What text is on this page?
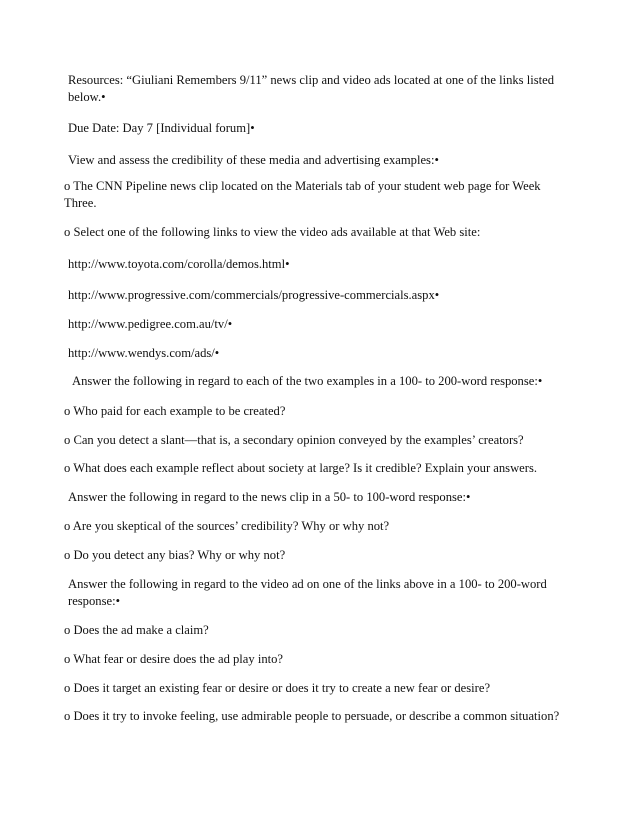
Resources: “Giuliani Remembers 9/11” news clip and video ads located at one of the links listed below.•
Due Date: Day 7 [Individual forum]•
View and assess the credibility of these media and advertising examples:•
o The CNN Pipeline news clip located on the Materials tab of your student web page for Week Three.
o Select one of the following links to view the video ads available at that Web site:
http://www.toyota.com/corolla/demos.html•
http://www.progressive.com/commercials/progressive-commercials.aspx•
http://www.pedigree.com.au/tv/•
http://www.wendys.com/ads/•
Answer the following in regard to each of the two examples in a 100- to 200-word response:•
o Who paid for each example to be created?
o Can you detect a slant—that is, a secondary opinion conveyed by the examples’ creators?
o What does each example reflect about society at large? Is it credible? Explain your answers.
Answer the following in regard to the news clip in a 50- to 100-word response:•
o Are you skeptical of the sources’ credibility? Why or why not?
o Do you detect any bias? Why or why not?
Answer the following in regard to the video ad on one of the links above in a 100- to 200-word response:•
o Does the ad make a claim?
o What fear or desire does the ad play into?
o Does it target an existing fear or desire or does it try to create a new fear or desire?
o Does it try to invoke feeling, use admirable people to persuade, or describe a common situation?
